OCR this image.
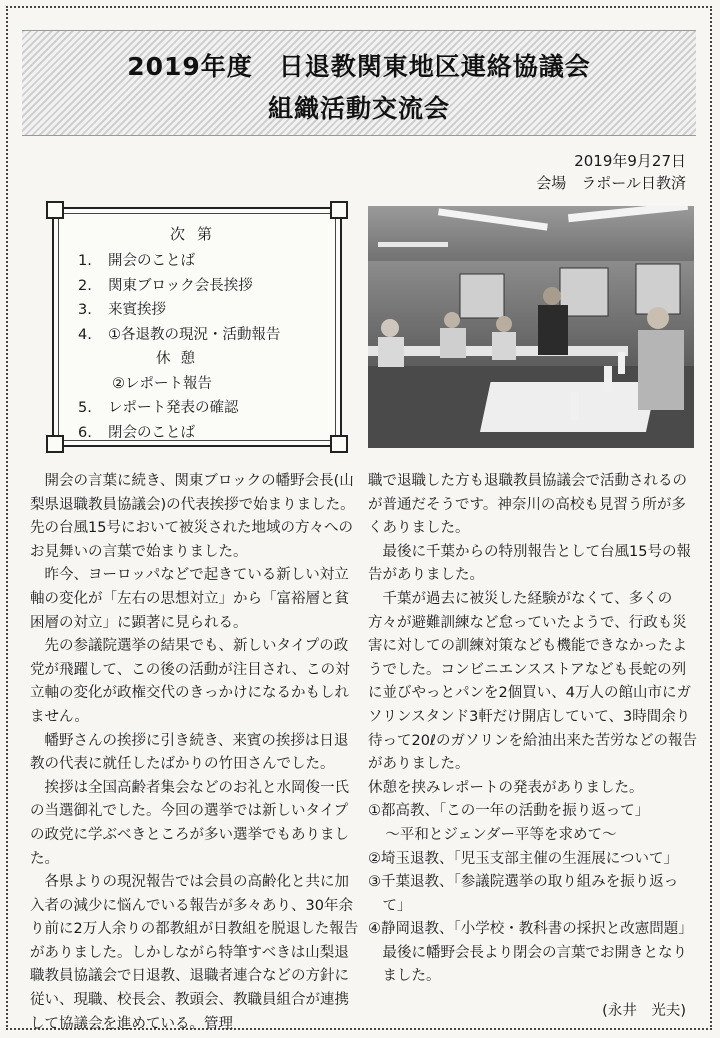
2019年度　日退教関東地区連絡協議会
組織活動交流会
2019年9月27日
会場　ラポール日教済
次第
1. 開会のことば
2. 関東ブロック会長挨拶
3. 来賓挨拶
4. ①各退教の現況・活動報告
休憩
②レポート報告
5. レポート発表の確認
6. 閉会のことば

開会の言葉に続き、関東ブロックの幡野会長(山梨県退職教員協議会)の代表挨拶で始まりました。先の台風15号において被災された地域の方々へのお見舞いの言葉で始まりました。

昨今、ヨーロッパなどで起きている新しい対立軸の変化が「左右の思想対立」から「富裕層と貧困層の対立」に顕著に見られる。

先の参議院選挙の結果でも、新しいタイプの政党が飛躍して、この後の活動が注目され、この対立軸の変化が政権交代のきっかけになるかもしれません。

幡野さんの挨拶に引き続き、来賓の挨拶は日退教の代表に就任したばかりの竹田さんでした。

挨拶は全国高齢者集会などのお礼と水岡俊一氏の当選御礼でした。今回の選挙では新しいタイプの政党に学ぶべきところが多い選挙でもありました。

各県よりの現況報告では会員の高齢化と共に加入者の減少に悩んでいる報告が多々あり、30年余り前に2万人余りの都教組が日教組を脱退した報告がありました。しかしながら特筆すべきは山梨退職教員協議会で日退教、退職者連合などの方針に従い、現職、校長会、教頭会、教職員組合が連携して協議会を進めている。管理

職で退職した方も退職教員協議会で活動されるのが普通だそうです。神奈川の高校も見習う所が多くありました。

最後に千葉からの特別報告として台風15号の報告がありました。

千葉が過去に被災した経験がなくて、多くの方々が避難訓練など怠っていたようで、行政も災害に対しての訓練対策なども機能できなかったようでした。コンビニエンスストアなども長蛇の列に並びやっとパンを2個買い、4万人の館山市にガソリンスタンド3軒だけ開店していて、3時間余り待って20ℓのガソリンを給油出来た苦労などの報告がありました。

休憩を挟みレポートの発表がありました。

①都高教、「この一年の活動を振り返って」

～平和とジェンダー平等を求めて～

②埼玉退教、「児玉支部主催の生涯展について」

③千葉退教、「参議院選挙の取り組みを振り返って」

④静岡退教、「小学校・教科書の採択と改憲問題」最後に幡野会長より閉会の言葉でお開きとなりました。

(永井　光夫)
